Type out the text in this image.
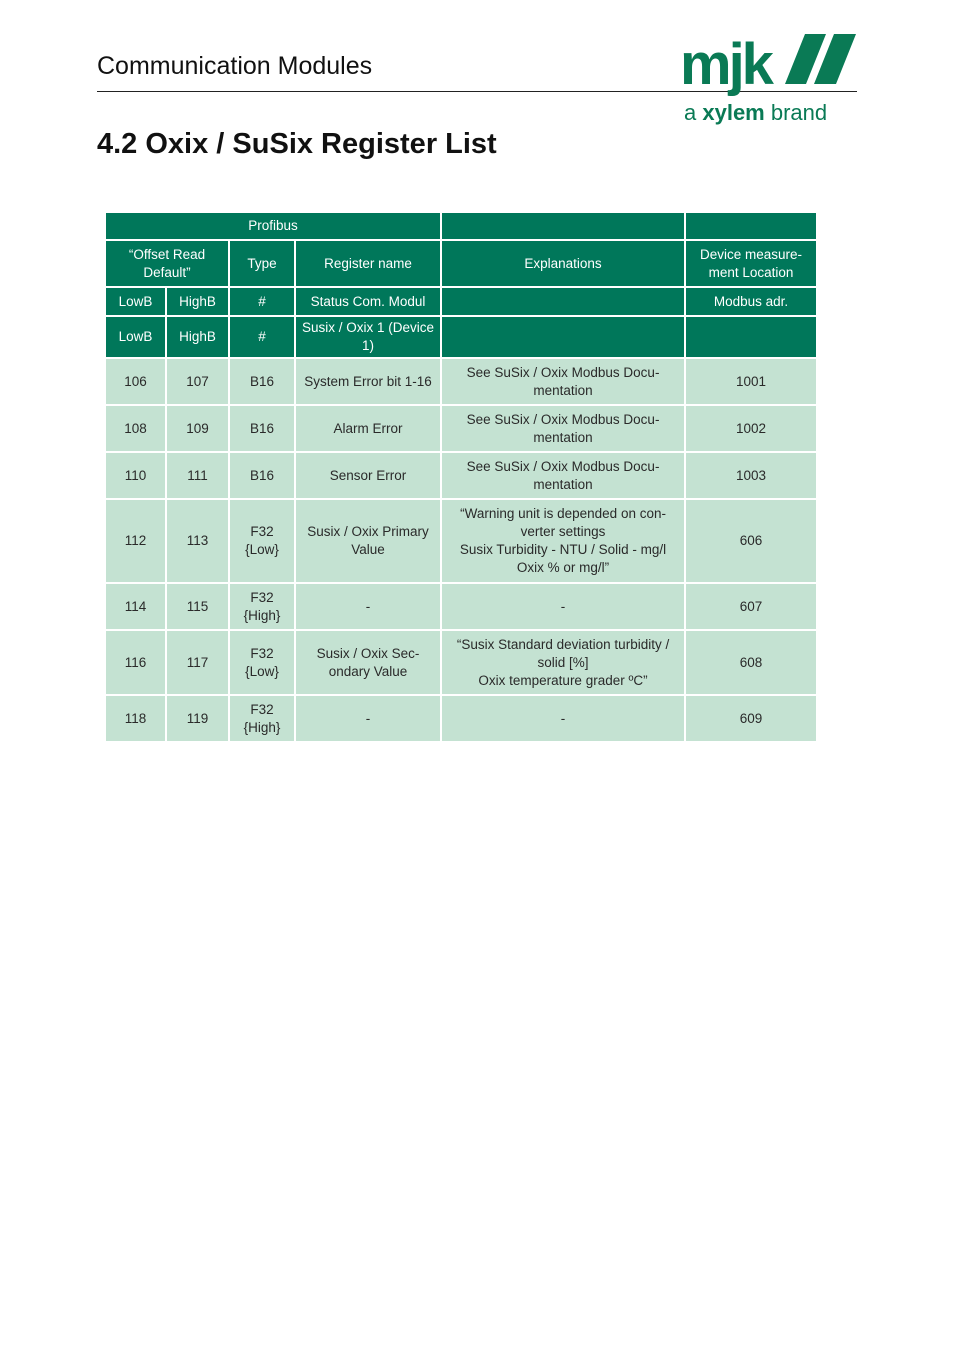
Communication Modules	mjk
a xylem brand
4.2 Oxix / SuSix Register List
Profibus					
“Offset Read Default”		Type	Register name	Explanations	Device measure-ment Location
LowB	HighB	#	Status Com. Modul		Modbus adr.
LowB	HighB	#	Susix / Oxix 1 (Device 1)		
106	107	B16	System Error bit 1-16	See SuSix / Oxix Modbus Docu-mentation	1001
108	109	B16	Alarm Error	See SuSix / Oxix Modbus Docu-mentation	1002
110	111	B16	Sensor Error	See SuSix / Oxix Modbus Docu-mentation	1003
112	113	F32 {Low}	Susix / Oxix Primary Value	“Warning unit is depended on con-verter settings
Susix Turbidity - NTU / Solid - mg/l
Oxix % or mg/l”	606
114	115	F32 {High}	-	-	607
116	117	F32 {Low}	Susix / Oxix Sec-ondary Value	“Susix Standard deviation turbidity / solid [%]
Oxix temperature grader ºC”	608
118	119	F32 {High}	-	-	609
